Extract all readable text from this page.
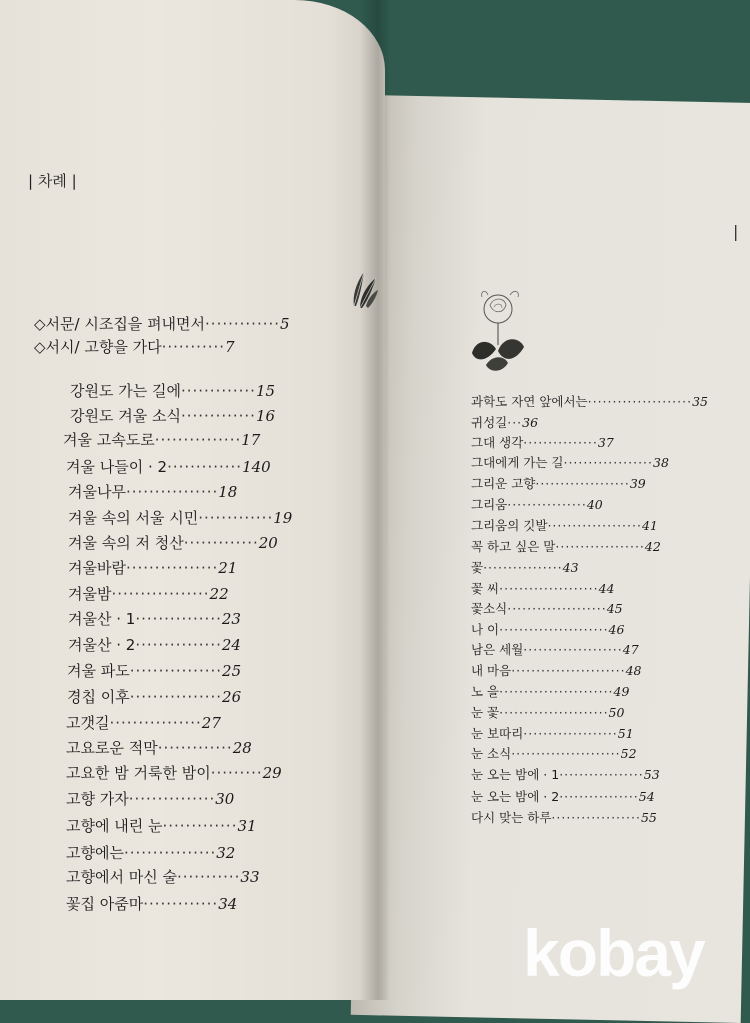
| 차례 |
|
◇서문/ 시조집을 펴내면서 ············· 5
◇서시/ 고향을 가다 ··········· 7
강원도 가는 길에 ············· 15
강원도 겨울 소식 ············· 16
겨울 고속도로 ··············· 17
겨울 나들이 · 2 ············· 140
겨울나무 ················ 18
겨울 속의 서울 시민 ············· 19
겨울 속의 저 청산 ············· 20
겨울바람 ················ 21
겨울밤 ················· 22
겨울산 · 1 ··············· 23
겨울산 · 2 ··············· 24
겨울 파도 ················ 25
경칩 이후 ················ 26
고갯길 ················ 27
고요로운 적막 ············· 28
고요한 밤 거룩한 밤이 ········· 29
고향 가자 ··············· 30
고향에 내린 눈 ············· 31
고향에는 ················ 32
고향에서 마신 술 ··········· 33
꽃집 아줌마 ············· 34
과학도 자연 앞에서는 ····················· 35
귀성길 ··· 36
그대 생각 ··············· 37
그대에게 가는 길 ·················· 38
그리운 고향 ··················· 39
그리움 ················ 40
그리움의 깃발 ··················· 41
꼭 하고 싶은 말 ·················· 42
꽃 ················ 43
꽃 씨 ···················· 44
꽃소식 ···················· 45
나 이 ······················ 46
남은 세월 ···················· 47
내 마음 ······················· 48
노 을 ······················· 49
눈 꽃 ······················ 50
눈 보따리 ··················· 51
눈 소식 ······················ 52
눈 오는 밤에 · 1 ················· 53
눈 오는 밤에 · 2 ················ 54
다시 맞는 하루 ·················· 55
kobay
